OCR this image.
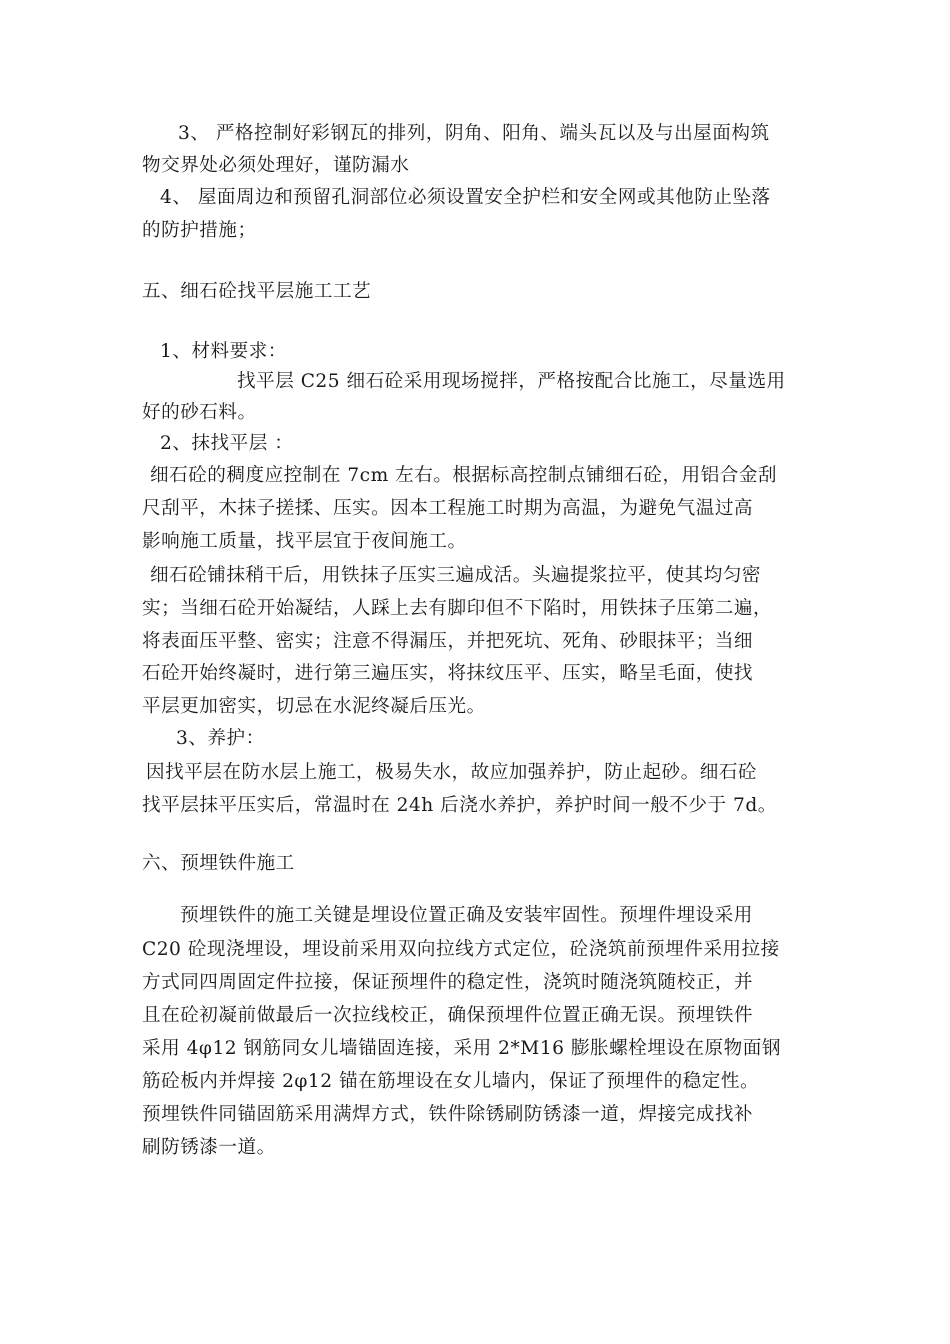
3、 严格控制好彩钢瓦的排列，阴角、阳角、端头瓦以及与出屋面构筑
物交界处必须处理好，谨防漏水
4、 屋面周边和预留孔洞部位必须设置安全护栏和安全网或其他防止坠落
的防护措施；
五、细石砼找平层施工工艺
1、材料要求：
找平层 C25 细石砼采用现场搅拌，严格按配合比施工，尽量选用
好的砂石料。
2、抹找平层 ：
细石砼的稠度应控制在 7cm 左右。根据标高控制点铺细石砼，用铝合金刮
尺刮平，木抹子搓揉、压实。因本工程施工时期为高温，为避免气温过高
影响施工质量，找平层宜于夜间施工。
细石砼铺抹稍干后，用铁抹子压实三遍成活。头遍提浆拉平，使其均匀密
实；当细石砼开始凝结，人踩上去有脚印但不下陷时，用铁抹子压第二遍，
将表面压平整、密实；注意不得漏压，并把死坑、死角、砂眼抹平；当细
石砼开始终凝时，进行第三遍压实，将抹纹压平、压实，略呈毛面，使找
平层更加密实，切忌在水泥终凝后压光。
3、养护：
因找平层在防水层上施工，极易失水，故应加强养护，防止起砂。细石砼
找平层抹平压实后，常温时在 24h 后浇水养护，养护时间一般不少于 7d。
六、预埋铁件施工
预埋铁件的施工关键是埋设位置正确及安装牢固性。预埋件埋设采用
C20 砼现浇埋设，埋设前采用双向拉线方式定位，砼浇筑前预埋件采用拉接
方式同四周固定件拉接，保证预埋件的稳定性，浇筑时随浇筑随校正，并
且在砼初凝前做最后一次拉线校正，确保预埋件位置正确无误。预埋铁件
采用 4φ12 钢筋同女儿墙锚固连接，采用 2*M16 膨胀螺栓埋设在原物面钢
筋砼板内并焊接 2φ12 锚在筋埋设在女儿墙内，保证了预埋件的稳定性。
预埋铁件同锚固筋采用满焊方式，铁件除锈刷防锈漆一道，焊接完成找补
刷防锈漆一道。
